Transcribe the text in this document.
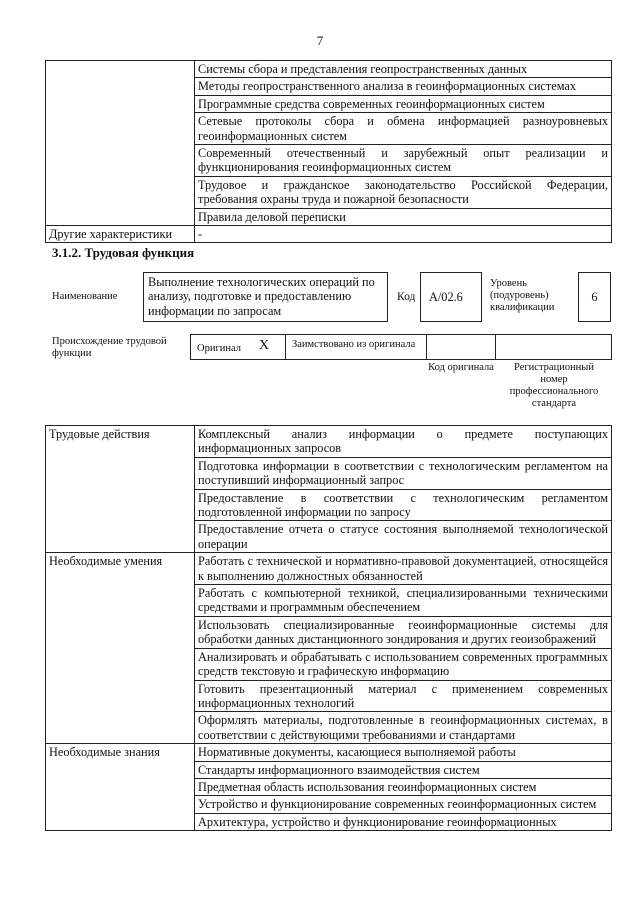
7
	Системы сбора и представления геопространственных данных
	Методы геопространственного анализа в геоинформационных системах
	Программные средства современных геоинформационных систем
	Сетевые протоколы сбора и обмена информацией разноуровневых геоинформационных систем
	Современный отечественный и зарубежный опыт реализации и функционирования геоинформационных систем
	Трудовое и гражданское законодательство Российской Федерации, требования охраны труда и пожарной безопасности
	Правила деловой переписки
Другие характеристики	-
3.1.2. Трудовая функция
Наименование
Выполнение технологических операций по анализу, подготовке и предоставлению информации по запросам
Код	А/02.6
Уровень (подуровень) квалификации
6
Происхождение трудовой функции	Оригинал X	Заимствовано из оригинала
Код оригинала	Регистрационный номер профессионального стандарта
Трудовые действия	Комплексный анализ информации о предмете поступающих информационных запросов
	Подготовка информации в соответствии с технологическим регламентом на поступивший информационный запрос
	Предоставление в соответствии с технологическим регламентом подготовленной информации по запросу
	Предоставление отчета о статусе состояния выполняемой технологической операции
Необходимые умения	Работать с технической и нормативно-правовой документацией, относящейся к выполнению должностных обязанностей
	Работать с компьютерной техникой, специализированными техническими средствами и программным обеспечением
	Использовать специализированные геоинформационные системы для обработки данных дистанционного зондирования и других геоизображений
	Анализировать и обрабатывать с использованием современных программных средств текстовую и графическую информацию
	Готовить презентационный материал с применением современных информационных технологий
	Оформлять материалы, подготовленные в геоинформационных системах, в соответствии с действующими требованиями и стандартами
Необходимые знания	Нормативные документы, касающиеся выполняемой работы
	Стандарты информационного взаимодействия систем
	Предметная область использования геоинформационных систем
	Устройство и функционирование современных геоинформационных систем
	Архитектура, устройство и функционирование геоинформационных
